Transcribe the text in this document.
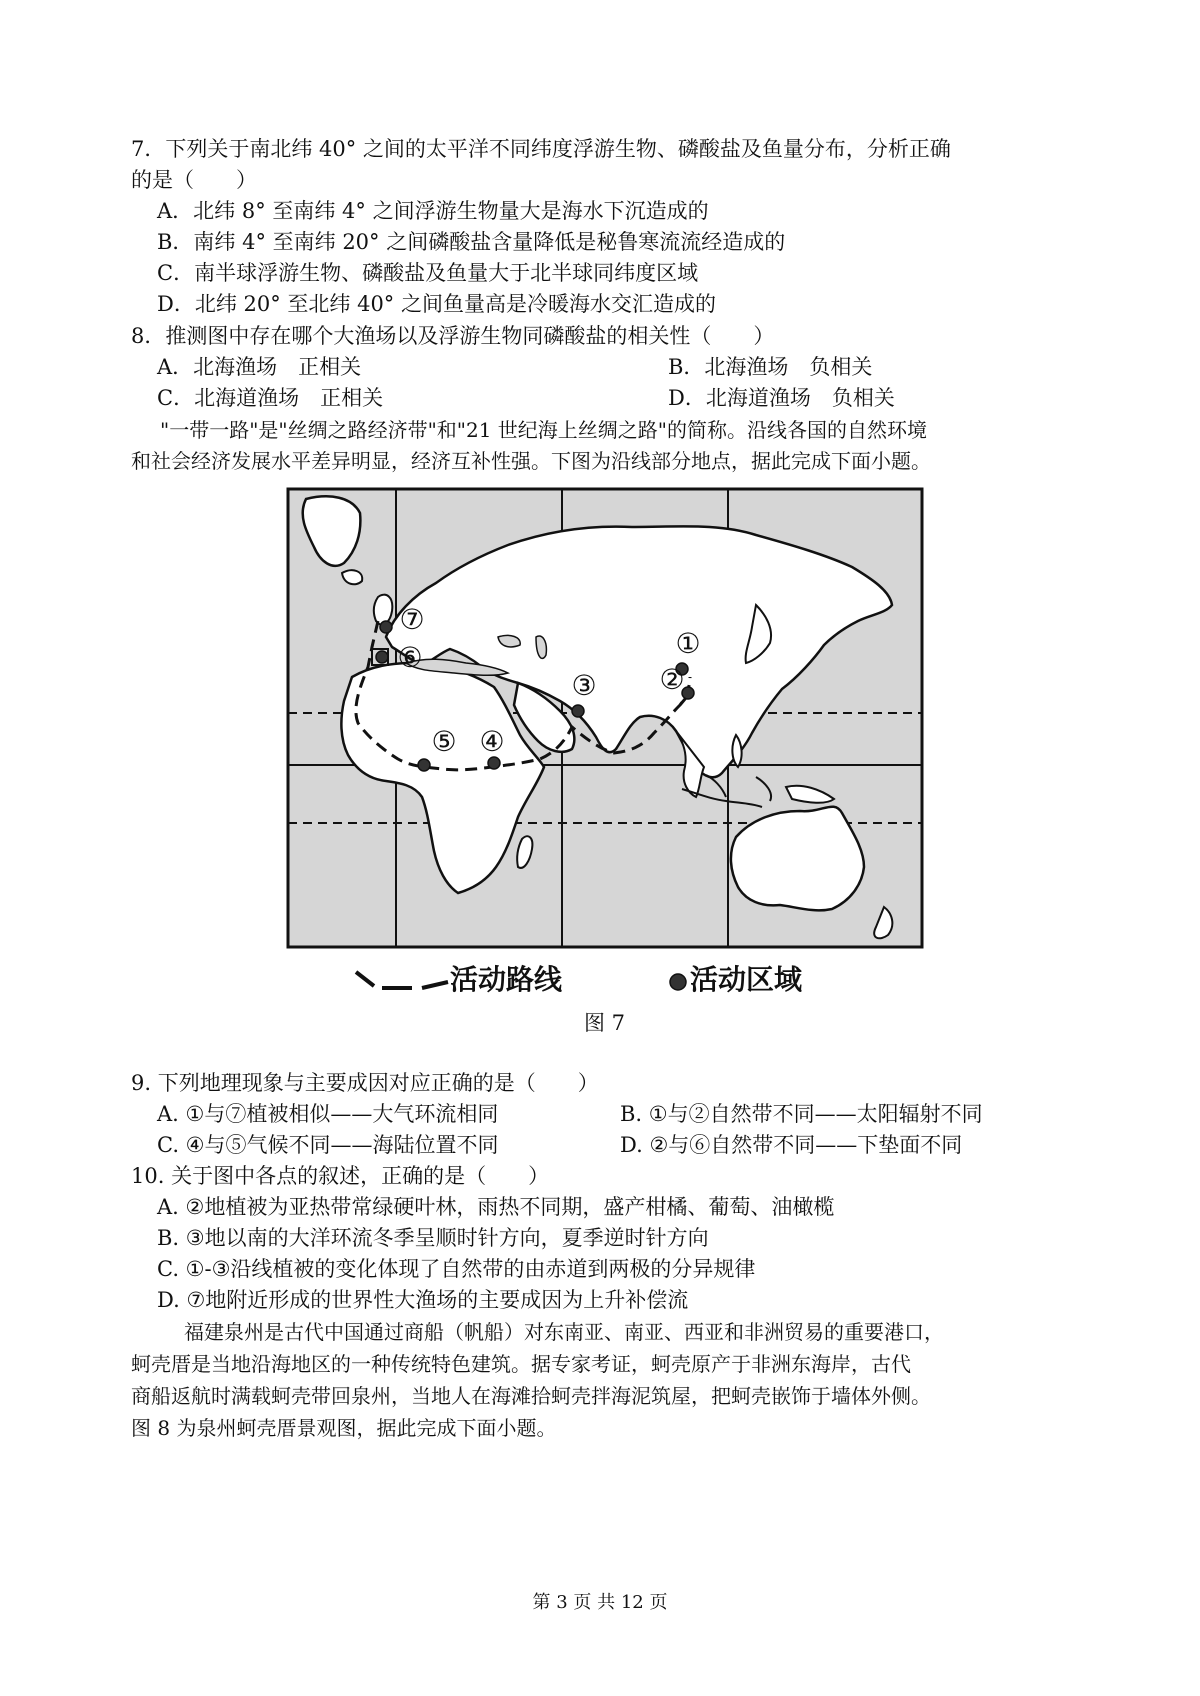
7．下列关于南北纬 40° 之间的太平洋不同纬度浮游生物、磷酸盐及鱼量分布，分析正确
的是（　　）
A．北纬 8° 至南纬 4° 之间浮游生物量大是海水下沉造成的
B．南纬 4° 至南纬 20° 之间磷酸盐含量降低是秘鲁寒流流经造成的
C．南半球浮游生物、磷酸盐及鱼量大于北半球同纬度区域
D．北纬 20° 至北纬 40° 之间鱼量高是冷暖海水交汇造成的
8．推测图中存在哪个大渔场以及浮游生物同磷酸盐的相关性（　　）
A．北海渔场　正相关	B．北海渔场　负相关
C．北海道渔场　正相关	D．北海道渔场　负相关
"一带一路"是"丝绸之路经济带"和"21 世纪海上丝绸之路"的简称。沿线各国的自然环境
和社会经济发展水平差异明显，经济互补性强。下图为沿线部分地点，据此完成下面小题。
①
②
③
④
⑤
⑥
⑦
活动路线	活动区域
图 7
9. 下列地理现象与主要成因对应正确的是（　　）
A. ①与⑦植被相似——大气环流相同	B. ①与②自然带不同——太阳辐射不同
C. ④与⑤气候不同——海陆位置不同	D. ②与⑥自然带不同——下垫面不同
10. 关于图中各点的叙述，正确的是（　　）
A. ②地植被为亚热带常绿硬叶林，雨热不同期，盛产柑橘、葡萄、油橄榄
B. ③地以南的大洋环流冬季呈顺时针方向，夏季逆时针方向
C. ①-③沿线植被的变化体现了自然带的由赤道到两极的分异规律
D. ⑦地附近形成的世界性大渔场的主要成因为上升补偿流
福建泉州是古代中国通过商船（帆船）对东南亚、南亚、西亚和非洲贸易的重要港口，
蚵壳厝是当地沿海地区的一种传统特色建筑。据专家考证，蚵壳原产于非洲东海岸，古代
商船返航时满载蚵壳带回泉州，当地人在海滩拾蚵壳拌海泥筑屋，把蚵壳嵌饰于墙体外侧。
图 8 为泉州蚵壳厝景观图，据此完成下面小题。
第 3 页 共 12 页
